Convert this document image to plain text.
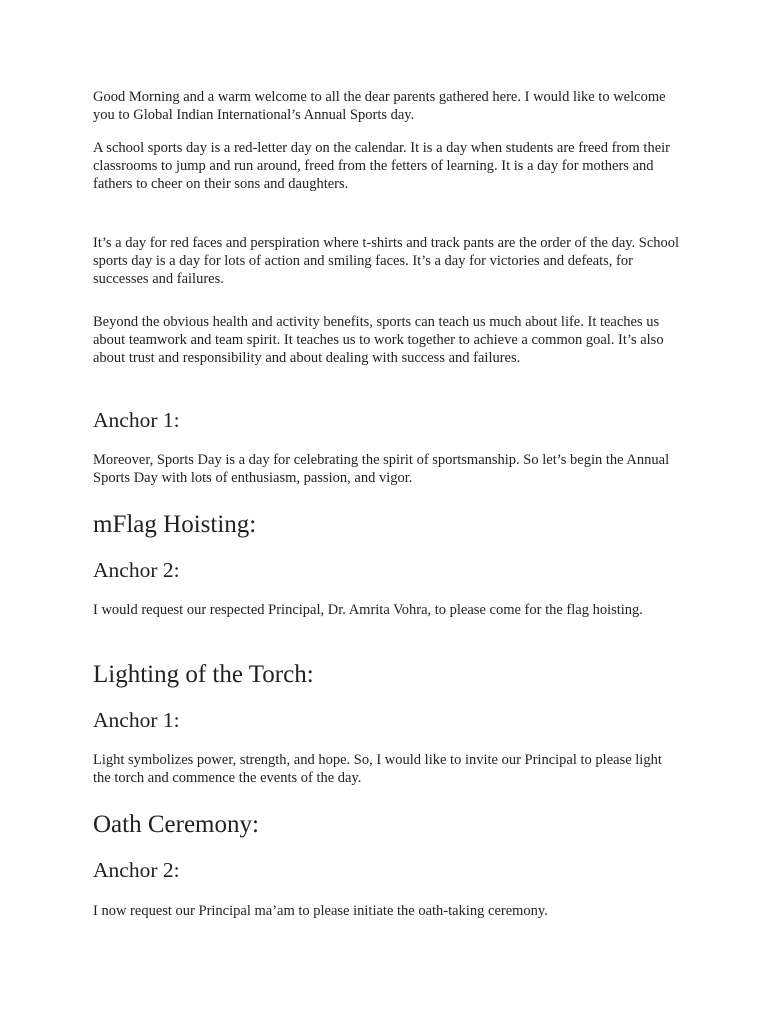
Good Morning and a warm welcome to all the dear parents gathered here. I would like to welcome you to Global Indian International’s Annual Sports day.

A school sports day is a red-letter day on the calendar. It is a day when students are freed from their classrooms to jump and run around, freed from the fetters of learning. It is a day for mothers and fathers to cheer on their sons and daughters.

It’s a day for red faces and perspiration where t-shirts and track pants are the order of the day. School sports day is a day for lots of action and smiling faces. It’s a day for victories and defeats, for successes and failures.

Beyond the obvious health and activity benefits, sports can teach us much about life. It teaches us about teamwork and team spirit. It teaches us to work together to achieve a common goal. It’s also about trust and responsibility and about dealing with success and failures.

Anchor 1:

Moreover, Sports Day is a day for celebrating the spirit of sportsmanship. So let’s begin the Annual Sports Day with lots of enthusiasm, passion, and vigor.

mFlag Hoisting:
Anchor 2:

I would request our respected Principal, Dr. Amrita Vohra, to please come for the flag hoisting.

Lighting of the Torch:
Anchor 1:

Light symbolizes power, strength, and hope. So, I would like to invite our Principal to please light the torch and commence the events of the day.

Oath Ceremony:
Anchor 2:

I now request our Principal ma’am to please initiate the oath-taking ceremony.
